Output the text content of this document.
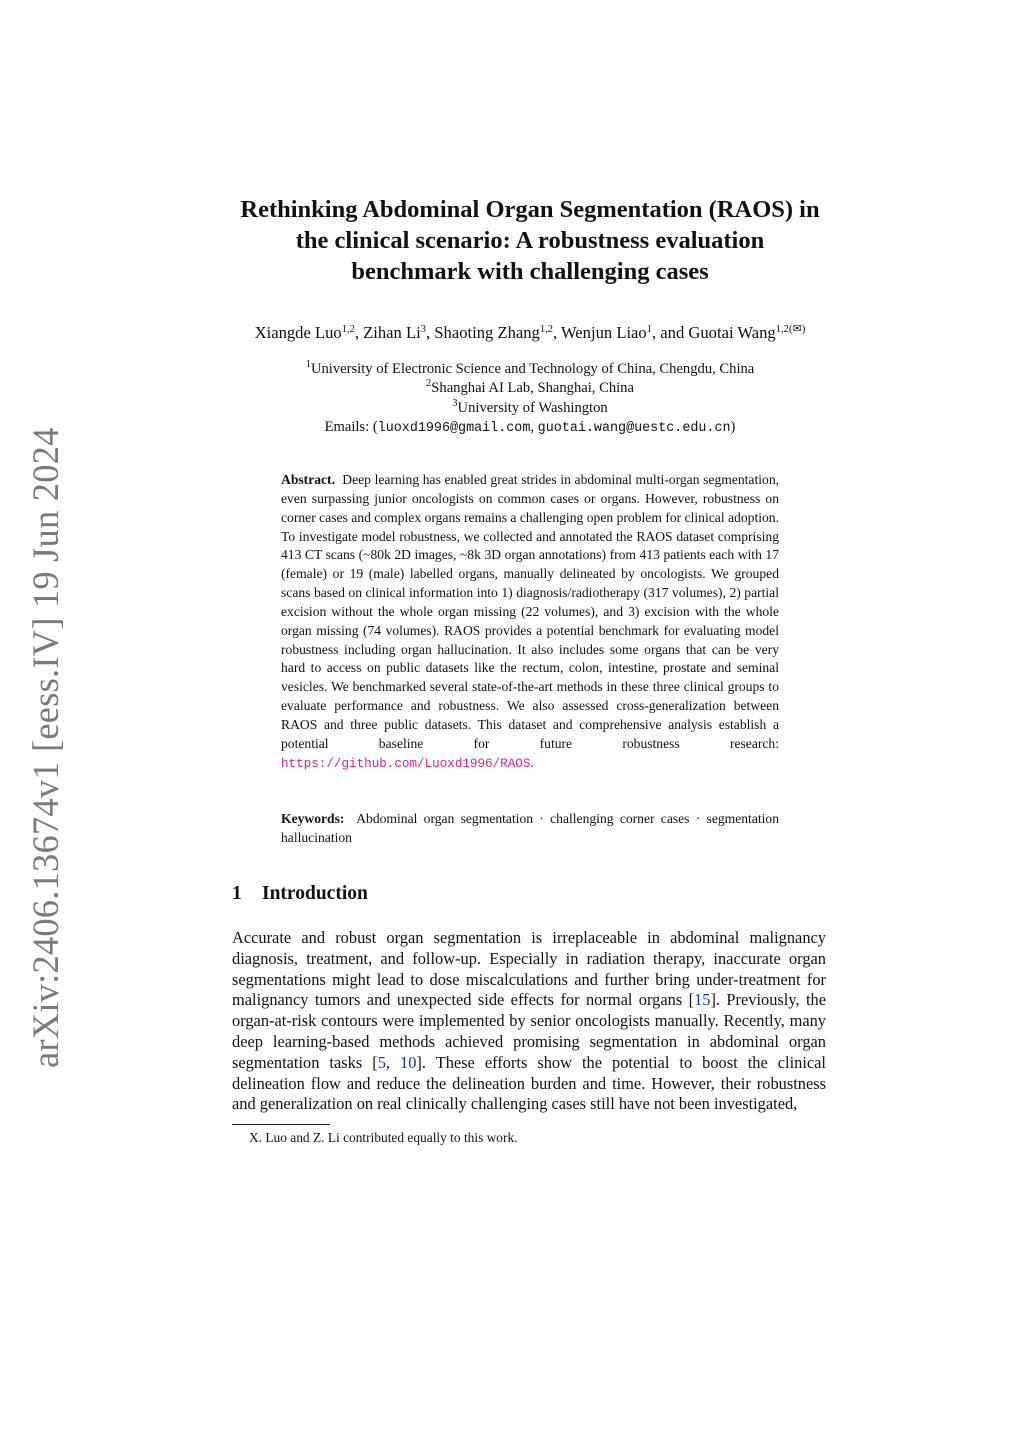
arXiv:2406.13674v1 [eess.IV] 19 Jun 2024
Rethinking Abdominal Organ Segmentation (RAOS) in
the clinical scenario: A robustness evaluation
benchmark with challenging cases
Xiangde Luo$^{1,2}$, Zihan Li$^3$, Shaoting Zhang$^{1,2}$, Wenjun Liao$^1$, and Guotai Wang$^{1,2(✉)}$
$^1$University of Electronic Science and Technology of China, Chengdu, China
$^2$Shanghai AI Lab, Shanghai, China
$^3$University of Washington
Emails: (luoxd1996@gmail.com, guotai.wang@uestc.edu.cn)
Abstract. Deep learning has enabled great strides in abdominal multi-organ segmentation, even surpassing junior oncologists on common cases or organs. However, robustness on corner cases and complex organs remains a challenging open problem for clinical adoption. To investigate model robustness, we collected and annotated the RAOS dataset comprising 413 CT scans (~80k 2D images, ~8k 3D organ annotations) from 413 patients each with 17 (female) or 19 (male) labelled organs, manually delineated by oncologists. We grouped scans based on clinical information into 1) diagnosis/radiotherapy (317 volumes), 2) partial excision without the whole organ missing (22 volumes), and 3) excision with the whole organ missing (74 volumes). RAOS provides a potential benchmark for evaluating model robustness including organ hallucination. It also includes some organs that can be very hard to access on public datasets like the rectum, colon, intestine, prostate and seminal vesicles. We benchmarked several state-of-the-art methods in these three clinical groups to evaluate performance and robustness. We also assessed cross-generalization between RAOS and three public datasets. This dataset and comprehensive analysis establish a potential baseline for future robustness research: https://github.com/Luoxd1996/RAOS.
Keywords: Abdominal organ segmentation · challenging corner cases · segmentation hallucination
1 Introduction
Accurate and robust organ segmentation is irreplaceable in abdominal malignancy diagnosis, treatment, and follow-up. Especially in radiation therapy, inaccurate organ segmentations might lead to dose miscalculations and further bring under-treatment for malignancy tumors and unexpected side effects for normal organs [15]. Previously, the organ-at-risk contours were implemented by senior oncologists manually. Recently, many deep learning-based methods achieved promising segmentation in abdominal organ segmentation tasks [5, 10]. These efforts show the potential to boost the clinical delineation flow and reduce the delineation burden and time. However, their robustness and generalization on real clinically challenging cases still have not been investigated,
X. Luo and Z. Li contributed equally to this work.
